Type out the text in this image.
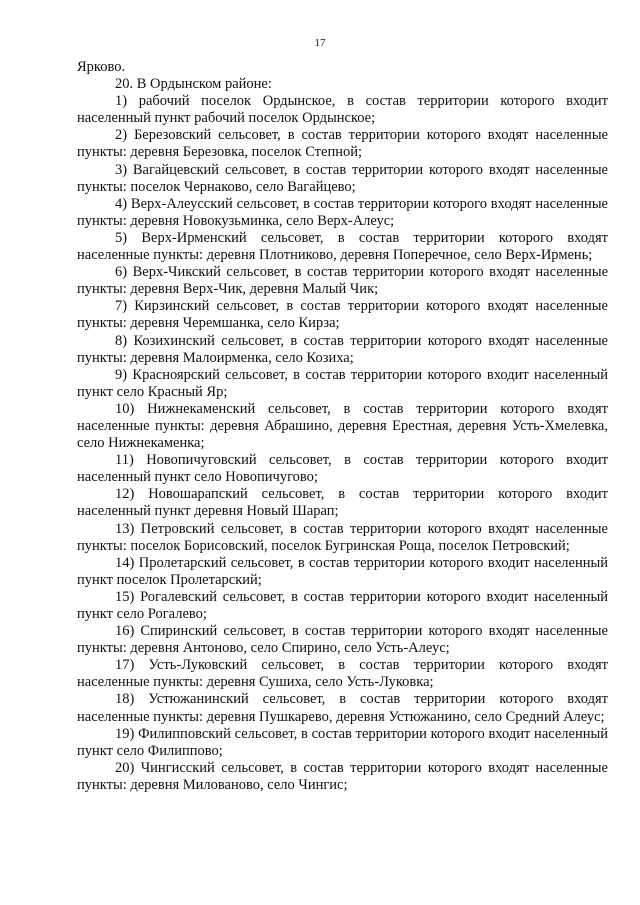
17

Ярково.

20. В Ордынском районе:

1) рабочий поселок Ордынское, в состав территории которого входит населенный пункт рабочий поселок Ордынское;

2) Березовский сельсовет, в состав территории которого входят населенные пункты: деревня Березовка, поселок Степной;

3) Вагайцевский сельсовет, в состав территории которого входят населенные пункты: поселок Чернаково, село Вагайцево;

4) Верх-Алеусский сельсовет, в состав территории которого входят населенные пункты: деревня Новокузьминка, село Верх-Алеус;

5) Верх-Ирменский сельсовет, в состав территории которого входят населенные пункты: деревня Плотниково, деревня Поперечное, село Верх-Ирмень;

6) Верх-Чикский сельсовет, в состав территории которого входят населенные пункты: деревня Верх-Чик, деревня Малый Чик;

7) Кирзинский сельсовет, в состав территории которого входят населенные пункты: деревня Черемшанка, село Кирза;

8) Козихинский сельсовет, в состав территории которого входят населенные пункты: деревня Малоирменка, село Козиха;

9) Красноярский сельсовет, в состав территории которого входит населенный пункт село Красный Яр;

10) Нижнекаменский сельсовет, в состав территории которого входят населенные пункты: деревня Абрашино, деревня Ерестная, деревня Усть-Хмелевка, село Нижнекаменка;

11) Новопичуговский сельсовет, в состав территории которого входит населенный пункт село Новопичугово;

12) Новошарапский сельсовет, в состав территории которого входит населенный пункт деревня Новый Шарап;

13) Петровский сельсовет, в состав территории которого входят населенные пункты: поселок Борисовский, поселок Бугринская Роща, поселок Петровский;

14) Пролетарский сельсовет, в состав территории которого входит населенный пункт поселок Пролетарский;

15) Рогалевский сельсовет, в состав территории которого входит населенный пункт село Рогалево;

16) Спиринский сельсовет, в состав территории которого входят населенные пункты: деревня Антоново, село Спирино, село Усть-Алеус;

17) Усть-Луковский сельсовет, в состав территории которого входят населенные пункты: деревня Сушиха, село Усть-Луковка;

18) Устюжанинский сельсовет, в состав территории которого входят населенные пункты: деревня Пушкарево, деревня Устюжанино, село Средний Алеус;

19) Филипповский сельсовет, в состав территории которого входит населенный пункт село Филиппово;

20) Чингисский сельсовет, в состав территории которого входят населенные пункты: деревня Милованово, село Чингис;
